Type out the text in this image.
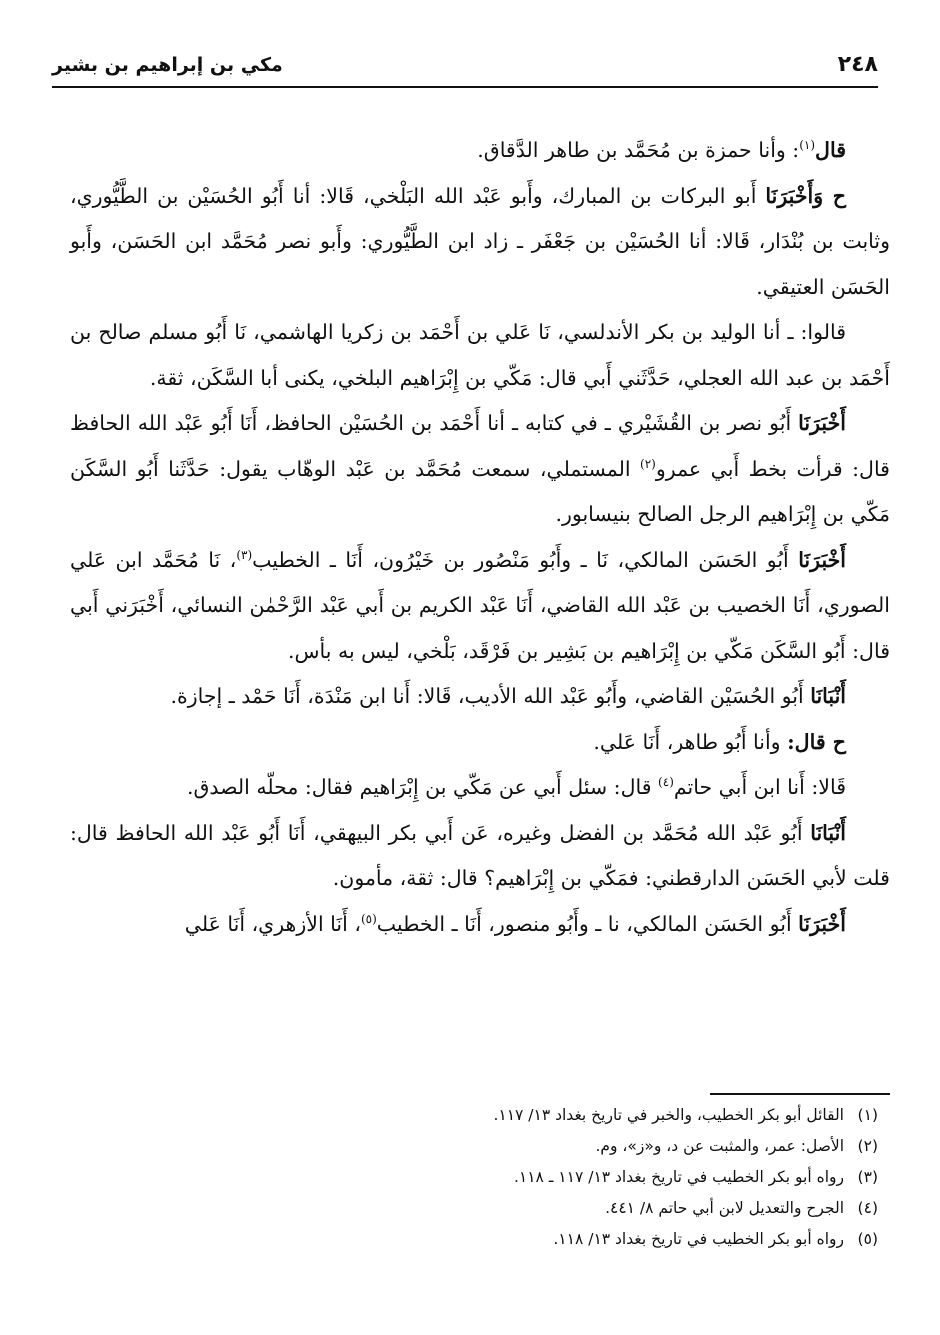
٢٤٨
مكي بن إبراهيم بن بشير

قال$^{(١)}$: وأنا حمزة بن مُحَمَّد بن طاهر الدَّقاق.

ح وَأَخْبَرَنَا أَبو البركات بن المبارك، وأَبو عَبْد الله البَلْخي، قَالا: أنا أَبُو الحُسَيْن بن الطَّيُّوري، وثابت بن بُنْدَار، قَالا: أنا الحُسَيْن بن جَعْفَر ـ زاد ابن الطَّيُّوري: وأَبو نصر مُحَمَّد ابن الحَسَن، وأَبو الحَسَن العتيقي.

قالوا: ـ أنا الوليد بن بكر الأندلسي، نَا عَلي بن أَحْمَد بن زكريا الهاشمي، نَا أَبُو مسلم صالح بن أَحْمَد بن عبد الله العجلي، حَدَّثَني أَبي قال: مَكّي بن إِبْرَاهيم البلخي، يكنى أبا السَّكَن، ثقة.

أَخْبَرَنَا أَبُو نصر بن القُشَيْري ـ في كتابه ـ أنا أَحْمَد بن الحُسَيْن الحافظ، أَنَا أَبُو عَبْد الله الحافظ قال: قرأت بخط أَبي عمرو$^{(٢)}$ المستملي، سمعت مُحَمَّد بن عَبْد الوهّاب يقول: حَدَّثَنا أَبُو السَّكَن مَكّي بن إِبْرَاهيم الرجل الصالح بنيسابور.

أَخْبَرَنَا أَبُو الحَسَن المالكي، نَا ـ وأَبُو مَنْصُور بن خَيْرُون، أَنَا ـ الخطيب$^{(٣)}$، نَا مُحَمَّد ابن عَلي الصوري، أَنَا الخصيب بن عَبْد الله القاضي، أَنَا عَبْد الكريم بن أَبي عَبْد الرَّحْمٰن النسائي، أَخْبَرَني أَبي قال: أَبُو السَّكَن مَكّي بن إِبْرَاهيم بن بَشِير بن فَرْقَد، بَلْخي، ليس به بأس.

أَنْبَانَا أَبُو الحُسَيْن القاضي، وأَبُو عَبْد الله الأديب، قَالا: أَنا ابن مَنْدَة، أَنَا حَمْد ـ إجازة.

ح قال: وأنا أَبُو طاهر، أَنَا عَلي.

قَالا: أَنا ابن أَبي حاتم$^{(٤)}$ قال: سئل أَبي عن مَكّي بن إِبْرَاهيم فقال: محلّه الصدق.

أَنْبَانَا أَبُو عَبْد الله مُحَمَّد بن الفضل وغيره، عَن أَبي بكر البيهقي، أَنَا أَبُو عَبْد الله الحافظ قال: قلت لأبي الحَسَن الدارقطني: فمَكّي بن إِبْرَاهيم؟ قال: ثقة، مأمون.

أَخْبَرَنَا أَبُو الحَسَن المالكي، نا ـ وأَبُو منصور، أَنَا ـ الخطيب$^{(٥)}$، أَنَا الأزهري، أَنَا عَلي

(١)القائل أبو بكر الخطيب، والخبر في تاريخ بغداد ١٣/ ١١٧.
(٢)الأصل: عمر، والمثبت عن د، و«ز»، وم.
(٣)رواه أبو بكر الخطيب في تاريخ بغداد ١٣/ ١١٧ ـ ١١٨.
(٤)الجرح والتعديل لابن أبي حاتم ٨/ ٤٤١.
(٥)رواه أبو بكر الخطيب في تاريخ بغداد ١٣/ ١١٨.
